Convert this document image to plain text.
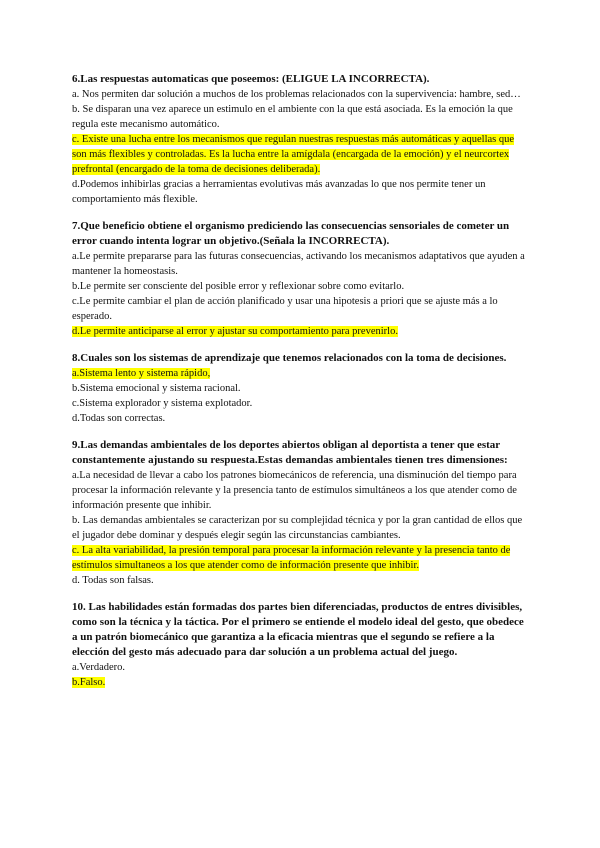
6.Las respuestas automaticas que poseemos: (ELIGUE LA INCORRECTA).

a. Nos permiten dar solución a muchos de los problemas relacionados con la supervivencia: hambre, sed…

b. Se disparan una vez aparece un estimulo en el ambiente con la que está asociada. Es la emoción la que regula este mecanismo automático.

c. Existe una lucha entre los mecanismos que regulan nuestras respuestas más automáticas y aquellas que son más flexibles y controladas. Es la lucha entre la amígdala (encargada de la emoción) y el neurcortex prefrontal (encargado de la toma de decisiones deliberada).

d.Podemos inhibirlas gracias a herramientas evolutivas más avanzadas lo que nos permite tener un comportamiento más flexible.

7.Que beneficio obtiene el organismo prediciendo las consecuencias sensoriales de cometer un error cuando intenta lograr un objetivo.(Señala la INCORRECTA).

a.Le permite prepararse para las futuras consecuencias, activando los mecanismos adaptativos que ayuden a mantener la homeostasis.

b.Le permite ser consciente del posible error y reflexionar sobre como evitarlo.

c.Le permite cambiar el plan de acción planificado y usar una hipotesis a priori que se ajuste más a lo esperado.

d.Le permite anticiparse al error y ajustar su comportamiento para prevenirlo.

8.Cuales son los sistemas de aprendizaje que tenemos relacionados con la toma de decisiones.

a.Sistema lento y sistema rápido,

b.Sistema emocional y sistema racional.

c.Sistema explorador y sistema explotador.

d.Todas son correctas.

9.Las demandas ambientales de los deportes abiertos obligan al deportista a tener que estar constantemente ajustando su respuesta.Estas demandas ambientales tienen tres dimensiones:

a.La necesidad de llevar a cabo los patrones biomecánicos de referencia, una disminución del tiempo para procesar la información relevante y la presencia tanto de estímulos simultáneos a los que atender como de información presente que inhibir.

b. Las demandas ambientales se caracterizan por su complejidad técnica y por la gran cantidad de ellos que el jugador debe dominar y después elegir según las circunstancias cambiantes.

c. La alta variabilidad, la presión temporal para procesar la información relevante y la presencia tanto de estímulos simultaneos a los que atender como de información presente que inhibir.

d. Todas son falsas.

10. Las habilidades están formadas dos partes bien diferenciadas, productos de entres divisibles, como son la técnica y la táctica. Por el primero se entiende el modelo ideal del gesto, que obedece a un patrón biomecánico que garantiza a la eficacia mientras que el segundo se refiere a la elección del gesto más adecuado para dar solución a un problema actual del juego.

a.Verdadero.

b.Falso.
